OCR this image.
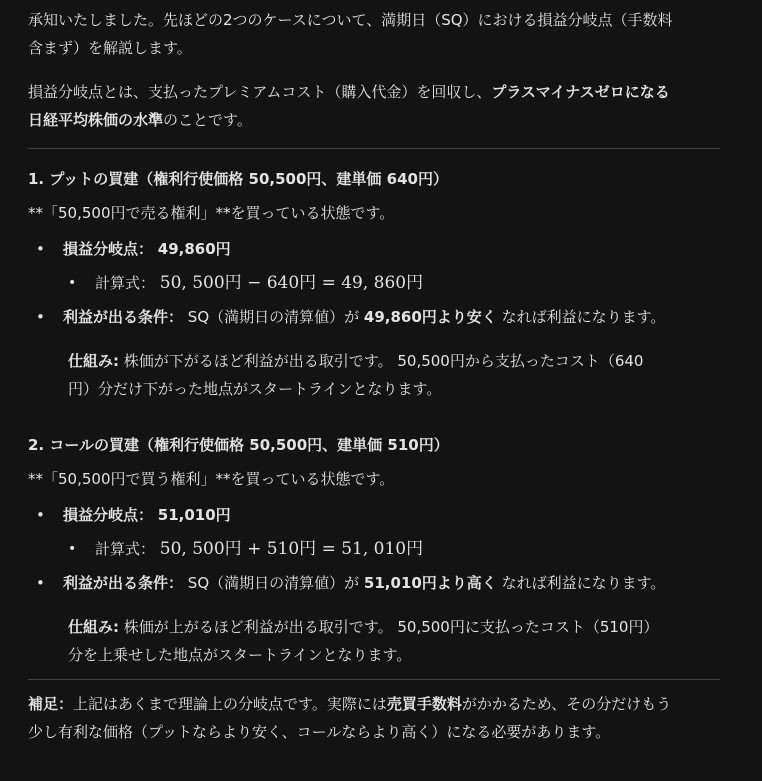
承知いたしました。先ほどの2つのケースについて、満期日（SQ）における損益分岐点（手数料
含まず）を解説します。
損益分岐点とは、支払ったプレミアムコスト（購入代金）を回収し、プラスマイナスゼロになる
日経平均株価の水準のことです。
1. プットの買建（権利行使価格 50,500円、建単価 640円）
**「50,500円で売る権利」**を買っている状態です。
• 損益分岐点： 49,860円
• 計算式： 50, 500円 − 640円 = 49, 860円
• 利益が出る条件： SQ（満期日の清算値）が 49,860円より安く なれば利益になります。
仕組み: 株価が下がるほど利益が出る取引です。 50,500円から支払ったコスト（640
円）分だけ下がった地点がスタートラインとなります。
2. コールの買建（権利行使価格 50,500円、建単価 510円）
**「50,500円で買う権利」**を買っている状態です。
• 損益分岐点： 51,010円
• 計算式： 50, 500円 + 510円 = 51, 010円
• 利益が出る条件： SQ（満期日の清算値）が 51,010円より高く なれば利益になります。
仕組み: 株価が上がるほど利益が出る取引です。 50,500円に支払ったコスト（510円）
分を上乗せした地点がスタートラインとなります。
補足：上記はあくまで理論上の分岐点です。実際には売買手数料がかかるため、その分だけもう
少し有利な価格（プットならより安く、コールならより高く）になる必要があります。
